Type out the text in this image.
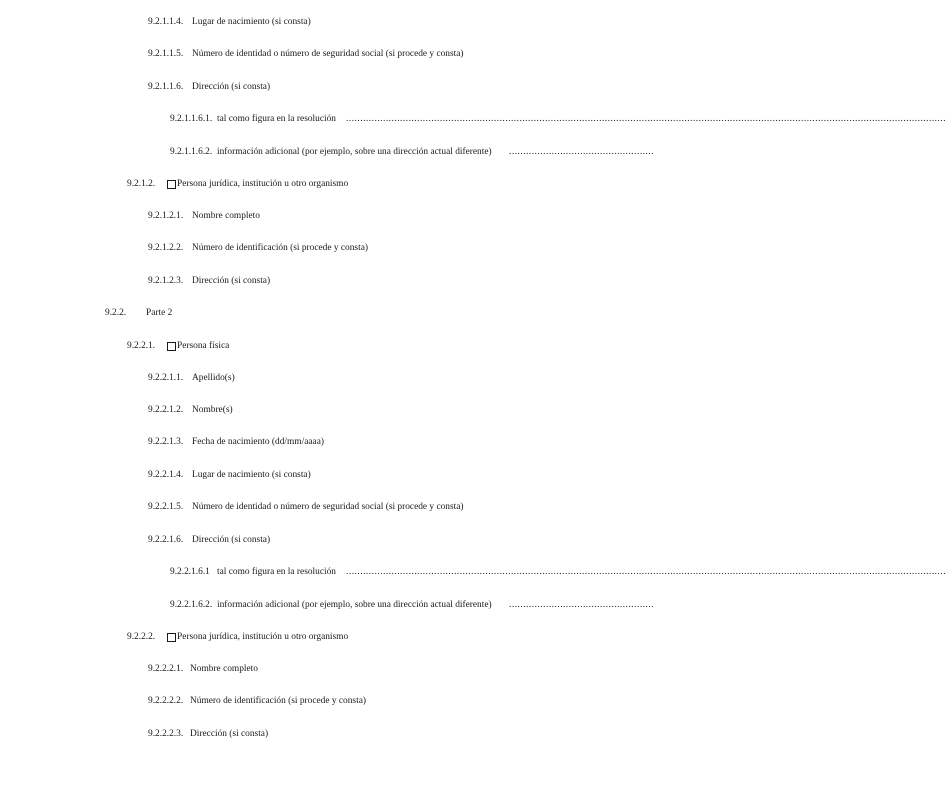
9.2.1.1.4. Lugar de nacimiento (si consta)
9.2.1.1.5. Número de identidad o número de seguridad social (si procede y consta)
9.2.1.1.6. Dirección (si consta)
9.2.1.1.6.1. tal como figura en la resolución ...................................................................................................................................................................................................................
9.2.1.1.6.2. información adicional (por ejemplo, sobre una dirección actual diferente) ...................................................
9.2.1.2. Persona jurídica, institución u otro organismo
9.2.1.2.1. Nombre completo
9.2.1.2.2. Número de identificación (si procede y consta)
9.2.1.2.3. Dirección (si consta)
9.2.2. Parte 2
9.2.2.1. Persona física
9.2.2.1.1. Apellido(s)
9.2.2.1.2. Nombre(s)
9.2.2.1.3. Fecha de nacimiento (dd/mm/aaaa)
9.2.2.1.4. Lugar de nacimiento (si consta)
9.2.2.1.5. Número de identidad o número de seguridad social (si procede y consta)
9.2.2.1.6. Dirección (si consta)
9.2.2.1.6.1 tal como figura en la resolución ...................................................................................................................................................................................................................
9.2.2.1.6.2. información adicional (por ejemplo, sobre una dirección actual diferente) ...................................................
9.2.2.2. Persona jurídica, institución u otro organismo
9.2.2.2.1. Nombre completo
9.2.2.2.2. Número de identificación (si procede y consta)
9.2.2.2.3. Dirección (si consta)
